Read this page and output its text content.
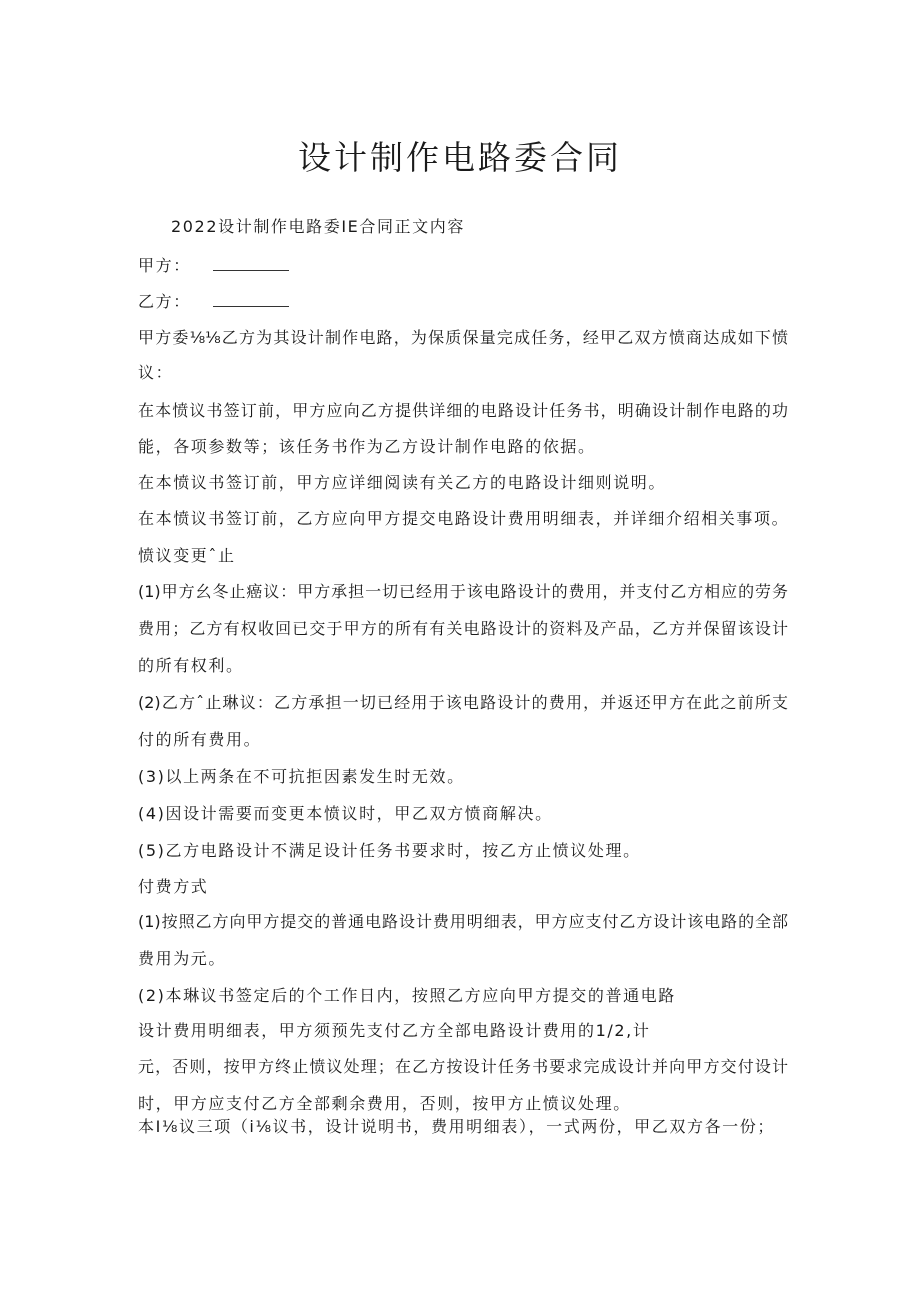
设计制作电路委合同

2022设计制作电路委IE合同正文内容

甲方：

乙方：

甲方委⅛⅛乙方为其设计制作电路，为保质保量完成任务，经甲乙双方愤商达成如下愤

议：

在本愤议书签订前，甲方应向乙方提供详细的电路设计任务书，明确设计制作电路的功

能，各项参数等；该任务书作为乙方设计制作电路的依据。

在本愤议书签订前，甲方应详细阅读有关乙方的电路设计细则说明。

在本愤议书签订前，乙方应向甲方提交电路设计费用明细表，并详细介绍相关事项。

愤议变更ˆ止

(1)甲方幺冬止癌议：甲方承担一切已经用于该电路设计的费用，并支付乙方相应的劳务

费用；乙方有权收回已交于甲方的所有有关电路设计的资料及产品，乙方并保留该设计

的所有权利。

(2)乙方ˆ止琳议：乙方承担一切已经用于该电路设计的费用，并返还甲方在此之前所支

付的所有费用。

(3)以上两条在不可抗拒因素发生时无效。

(4)因设计需要而变更本愤议时，甲乙双方愤商解决。

(5)乙方电路设计不满足设计任务书要求时，按乙方止愤议处理。

付费方式

(1)按照乙方向甲方提交的普通电路设计费用明细表，甲方应支付乙方设计该电路的全部

费用为元。

(2)本琳议书签定后的个工作日内，按照乙方应向甲方提交的普通电路

设计费用明细表，甲方须预先支付乙方全部电路设计费用的1/2,计

元，否则，按甲方终止愤议处理；在乙方按设计任务书要求完成设计并向甲方交付设计

时，甲方应支付乙方全部剩余费用，否则，按甲方止愤议处理。

本I⅛议三项（i⅛议书，设计说明书，费用明细表），一式两份，甲乙双方各一份；
